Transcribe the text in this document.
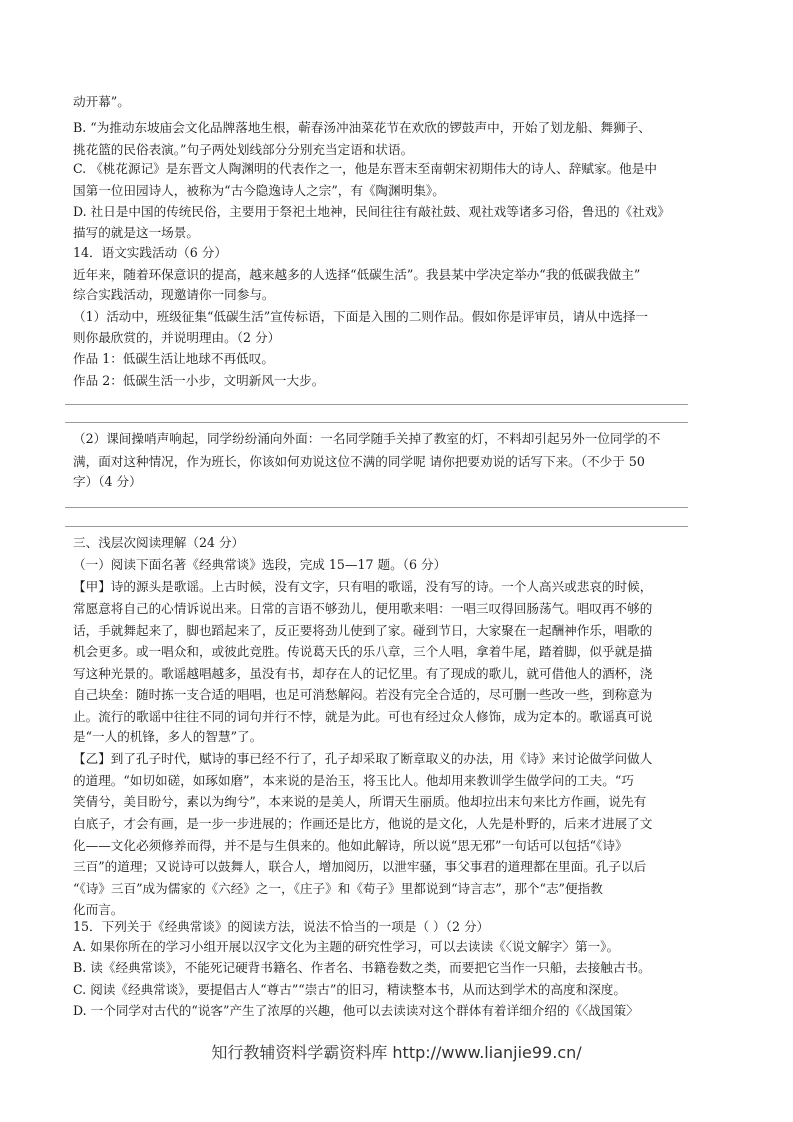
动开幕”。
B. “为推动东坡庙会文化品牌落地生根，蕲春汤冲油菜花节在欢欣的锣鼓声中，开始了划龙船、舞狮子、
挑花篮的民俗表演。”句子两处划线部分分别充当定语和状语。
C. 《桃花源记》是东晋文人陶渊明的代表作之一，他是东晋末至南朝宋初期伟大的诗人、辞赋家。他是中
国第一位田园诗人，被称为“古今隐逸诗人之宗”，有《陶渊明集》。
D. 社日是中国的传统民俗，主要用于祭祀土地神，民间往往有敲社鼓、观社戏等诸多习俗，鲁迅的《社戏》
描写的就是这一场景。
14．语文实践活动（6 分）
近年来，随着环保意识的提高，越来越多的人选择“低碳生活”。我县某中学决定举办“我的低碳我做主”
综合实践活动，现邀请你一同参与。
（1）活动中，班级征集“低碳生活”宣传标语，下面是入围的二则作品。假如你是评审员，请从中选择一
则你最欣赏的，并说明理由。（2 分）
作品 1：低碳生活让地球不再低叹。
作品 2：低碳生活一小步，文明新风一大步。
（2）课间操哨声响起，同学纷纷涌向外面：一名同学随手关掉了教室的灯，不料却引起另外一位同学的不
满，面对这种情况，作为班长，你该如何劝说这位不满的同学呢 请你把要劝说的话写下来。（不少于 50
字）（4 分）
三、浅层次阅读理解（24 分）
（一）阅读下面名著《经典常谈》选段，完成 15—17 题。（6 分）
【甲】诗的源头是歌谣。上古时候，没有文字，只有唱的歌谣，没有写的诗。一个人高兴或悲哀的时候，
常愿意将自己的心情诉说出来。日常的言语不够劲儿，便用歌来唱：一唱三叹得回肠荡气。唱叹再不够的
话，手就舞起来了，脚也蹈起来了，反正要将劲儿使到了家。碰到节日，大家聚在一起酬神作乐，唱歌的
机会更多。或一唱众和，或彼此竞胜。传说葛天氏的乐八章，三个人唱，拿着牛尾，踏着脚，似乎就是描
写这种光景的。歌谣越唱越多，虽没有书，却存在人的记忆里。有了现成的歌儿，就可借他人的酒杯，浇
自己块垒：随时拣一支合适的唱唱，也足可消愁解闷。若没有完全合适的，尽可删一些改一些，到称意为
止。流行的歌谣中往往不同的词句并行不悖，就是为此。可也有经过众人修饰，成为定本的。歌谣真可说
是“一人的机锋，多人的智慧”了。
【乙】到了孔子时代，赋诗的事已经不行了，孔子却采取了断章取义的办法，用《诗》来讨论做学问做人
的道理。“如切如磋，如琢如磨”，本来说的是治玉，将玉比人。他却用来教训学生做学问的工夫。“巧
笑倩兮，美目盼兮，素以为绚兮”，本来说的是美人，所谓天生丽质。他却拉出末句来比方作画，说先有
白底子，才会有画，是一步一步进展的；作画还是比方，他说的是文化，人先是朴野的，后来才进展了文
化——文化必须修养而得，并不是与生俱来的。他如此解诗，所以说“思无邪”一句话可以包括“《诗》
三百”的道理；又说诗可以鼓舞人，联合人，增加阅历，以泄牢骚，事父事君的道理都在里面。孔子以后
“《诗》三百”成为儒家的《六经》之一，《庄子》和《荀子》里都说到“诗言志”，那个“志”便指教
化而言。
15．下列关于《经典常谈》的阅读方法，说法不恰当的一项是（ ）（2 分）
A. 如果你所在的学习小组开展以汉字文化为主题的研究性学习，可以去读读《〈说文解字〉第一》。
B. 读《经典常谈》，不能死记硬背书籍名、作者名、书籍卷数之类，而要把它当作一只船，去接触古书。
C. 阅读《经典常谈》，要提倡古人“尊古”“崇古”的旧习，精读整本书，从而达到学术的高度和深度。
D. 一个同学对古代的“说客”产生了浓厚的兴趣，他可以去读读对这个群体有着详细介绍的《〈战国策〉
知行教辅资料学霸资料库 http://www.lianjie99.cn/
